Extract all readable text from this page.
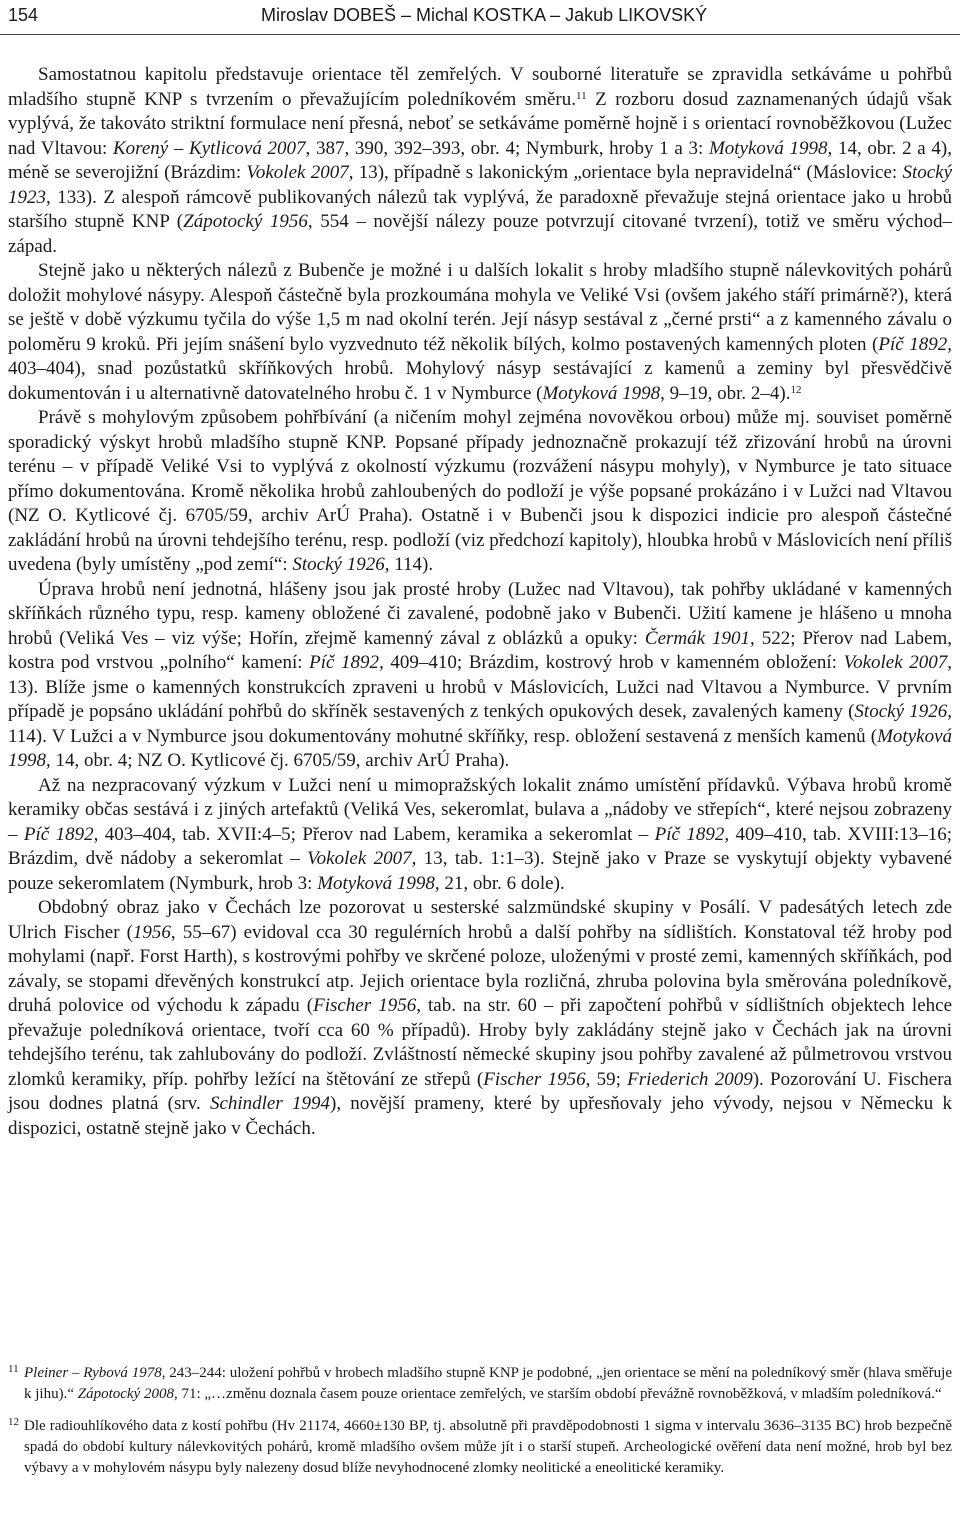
154	Miroslav DOBEŠ – Michal KOSTKA – Jakub LIKOVSKÝ

Samostatnou kapitolu představuje orientace těl zemřelých. V souborné literatuře se zpravidla setkáváme u pohřbů mladšího stupně KNP s tvrzením o převažujícím poledníkovém směru.$^{11}$ Z rozboru dosud zaznamenaných údajů však vyplývá, že takováto striktní formulace není přesná, neboť se setkáváme poměrně hojně i s orientací rovnoběžkovou (Lužec nad Vltavou: Korený – Kytlicová 2007, 387, 390, 392–393, obr. 4; Nymburk, hroby 1 a 3: Motyková 1998, 14, obr. 2 a 4), méně se severojižní (Brázdim: Vokolek 2007, 13), případně s lakonickým „orientace byla nepravidelná“ (Máslovice: Stocký 1923, 133). Z alespoň rámcově publikovaných nálezů tak vyplývá, že paradoxně převažuje stejná orientace jako u hrobů staršího stupně KNP (Zápotocký 1956, 554 – novější nálezy pouze potvrzují citované tvrzení), totiž ve směru východ–západ.

Stejně jako u některých nálezů z Bubenče je možné i u dalších lokalit s hroby mladšího stupně nálevkovitých pohárů doložit mohylové násypy. Alespoň částečně byla prozkoumána mohyla ve Veliké Vsi (ovšem jakého stáří primárně?), která se ještě v době výzkumu tyčila do výše 1,5 m nad okolní terén. Její násyp sestával z „černé prsti“ a z kamenného závalu o poloměru 9 kroků. Při jejím snášení bylo vyzvednuto též několik bílých, kolmo postavených kamenných ploten (Píč 1892, 403–404), snad pozůstatků skříňkových hrobů. Mohylový násyp sestávající z kamenů a zeminy byl přesvědčivě dokumentován i u alternativně datovatelného hrobu č. 1 v Nymburce (Motyková 1998, 9–19, obr. 2–4).$^{12}$

Právě s mohylovým způsobem pohřbívání (a ničením mohyl zejména novověkou orbou) může mj. souviset poměrně sporadický výskyt hrobů mladšího stupně KNP. Popsané případy jednoznačně prokazují též zřizování hrobů na úrovni terénu – v případě Veliké Vsi to vyplývá z okolností výzkumu (rozvážení násypu mohyly), v Nymburce je tato situace přímo dokumentována. Kromě několika hrobů zahloubených do podloží je výše popsané prokázáno i v Lužci nad Vltavou (NZ O. Kytlicové čj. 6705/59, archiv ArÚ Praha). Ostatně i v Bubenči jsou k dispozici indicie pro alespoň částečné zakládání hrobů na úrovni tehdejšího terénu, resp. podloží (viz předchozí kapitoly), hloubka hrobů v Máslovicích není příliš uvedena (byly umístěny „pod zemí“: Stocký 1926, 114).

Úprava hrobů není jednotná, hlášeny jsou jak prosté hroby (Lužec nad Vltavou), tak pohřby ukládané v kamenných skříňkách různého typu, resp. kameny obložené či zavalené, podobně jako v Bubenči. Užití kamene je hlášeno u mnoha hrobů (Veliká Ves – viz výše; Hořín, zřejmě kamenný zával z oblázků a opuky: Čermák 1901, 522; Přerov nad Labem, kostra pod vrstvou „polního“ kamení: Píč 1892, 409–410; Brázdim, kostrový hrob v kamenném obložení: Vokolek 2007, 13). Blíže jsme o kamenných konstrukcích zpraveni u hrobů v Máslovicích, Lužci nad Vltavou a Nymburce. V prvním případě je popsáno ukládání pohřbů do skříněk sestavených z tenkých opukových desek, zavalených kameny (Stocký 1926, 114). V Lužci a v Nymburce jsou dokumentovány mohutné skříňky, resp. obložení sestavená z menších kamenů (Motyková 1998, 14, obr. 4; NZ O. Kytlicové čj. 6705/59, archiv ArÚ Praha).

Až na nezpracovaný výzkum v Lužci není u mimopražských lokalit známo umístění přídavků. Výbava hrobů kromě keramiky občas sestává i z jiných artefaktů (Veliká Ves, sekeromlat, bulava a „nádoby ve střepích“, které nejsou zobrazeny – Píč 1892, 403–404, tab. XVII:4–5; Přerov nad Labem, keramika a sekeromlat – Píč 1892, 409–410, tab. XVIII:13–16; Brázdim, dvě nádoby a sekeromlat – Vokolek 2007, 13, tab. 1:1–3). Stejně jako v Praze se vyskytují objekty vybavené pouze sekeromlatem (Nymburk, hrob 3: Motyková 1998, 21, obr. 6 dole).

Obdobný obraz jako v Čechách lze pozorovat u sesterské salzmündské skupiny v Posálí. V padesátých letech zde Ulrich Fischer (1956, 55–67) evidoval cca 30 regulérních hrobů a další pohřby na sídlištích. Konstatoval též hroby pod mohylami (např. Forst Harth), s kostrovými pohřby ve skrčené poloze, uloženými v prosté zemi, kamenných skříňkách, pod závaly, se stopami dřevěných konstrukcí atp. Jejich orientace byla rozličná, zhruba polovina byla směrována poledníkově, druhá polovice od východu k západu (Fischer 1956, tab. na str. 60 – při započtení pohřbů v sídlištních objektech lehce převažuje poledníková orientace, tvoří cca 60 % případů). Hroby byly zakládány stejně jako v Čechách jak na úrovni tehdejšího terénu, tak zahlubovány do podloží. Zvláštností německé skupiny jsou pohřby zavalené až půlmetrovou vrstvou zlomků keramiky, příp. pohřby ležící na štětování ze střepů (Fischer 1956, 59; Friederich 2009). Pozorování U. Fischera jsou dodnes platná (srv. Schindler 1994), novější prameny, které by upřesňovaly jeho vývody, nejsou v Německu k dispozici, ostatně stejně jako v Čechách.

11 Pleiner – Rybová 1978, 243–244: uložení pohřbů v hrobech mladšího stupně KNP je podobné, „jen orientace se mění na poledníkový směr (hlava směřuje k jihu).“ Zápotocký 2008, 71: „…změnu doznala časem pouze orientace zemřelých, ve starším období převážně rovnoběžková, v mladším poledníková.“

12 Dle radiouhlíkového data z kostí pohřbu (Hv 21174, 4660±130 BP, tj. absolutně při pravděpodobnosti 1 sigma v intervalu 3636–3135 BC) hrob bezpečně spadá do období kultury nálevkovitých pohárů, kromě mladšího ovšem může jít i o starší stupeň. Archeologické ověření data není možné, hrob byl bez výbavy a v mohylovém násypu byly nalezeny dosud blíže nevyhodnocené zlomky neolitické a eneolitické keramiky.
